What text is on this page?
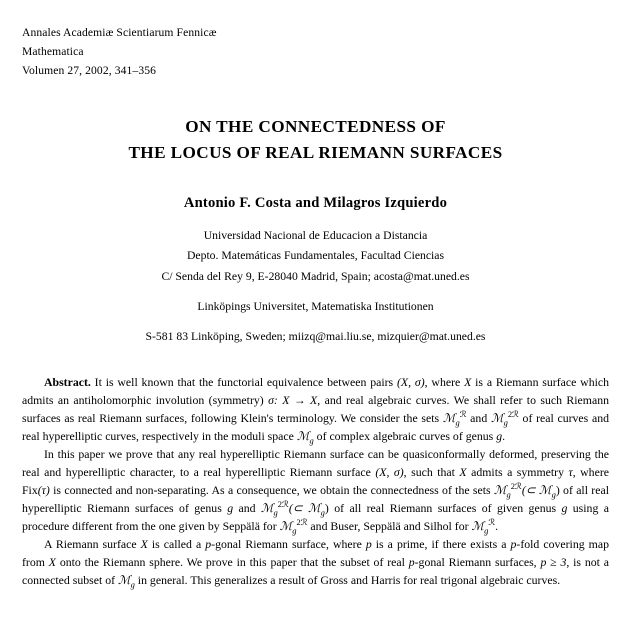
Annales Academiæ Scientiarum Fennicæ
Mathematica
Volumen 27, 2002, 341–356
ON THE CONNECTEDNESS OF
THE LOCUS OF REAL RIEMANN SURFACES
Antonio F. Costa and Milagros Izquierdo
Universidad Nacional de Educacion a Distancia
Depto. Matemáticas Fundamentales, Facultad Ciencias
C/ Senda del Rey 9, E-28040 Madrid, Spain; acosta@mat.uned.es
Linköpings Universitet, Matematiska Institutionen
S-581 83 Linköping, Sweden; miizq@mai.liu.se, mizquier@mat.uned.es

Abstract. It is well known that the functorial equivalence between pairs (X, σ), where X is a Riemann surface which admits an antiholomorphic involution (symmetry) σ: X → X, and real algebraic curves. We shall refer to such Riemann surfaces as real Riemann surfaces, following Klein's terminology. We consider the sets ℳ$_g^ℛ$ and ℳ$_g^{2ℛ}$ of real curves and real hyperelliptic curves, respectively in the moduli space ℳ$_g$ of complex algebraic curves of genus g.

In this paper we prove that any real hyperelliptic Riemann surface can be quasiconformally deformed, preserving the real and hyperelliptic character, to a real hyperelliptic Riemann surface (X, σ), such that X admits a symmetry τ, where Fix(τ) is connected and non-separating. As a consequence, we obtain the connectedness of the sets ℳ$_g^{2ℛ}$(⊂ ℳ$_g$) of all real hyperelliptic Riemann surfaces of genus g and ℳ$_g^{2ℛ}$(⊂ ℳ$_g$) of all real Riemann surfaces of given genus g using a procedure different from the one given by Seppälä for ℳ$_g^{2ℛ}$ and Buser, Seppälä and Silhol for ℳ$_g^ℛ$.

A Riemann surface X is called a p-gonal Riemann surface, where p is a prime, if there exists a p-fold covering map from X onto the Riemann sphere. We prove in this paper that the subset of real p-gonal Riemann surfaces, p ≥ 3, is not a connected subset of ℳ$_g$ in general. This generalizes a result of Gross and Harris for real trigonal algebraic curves.
